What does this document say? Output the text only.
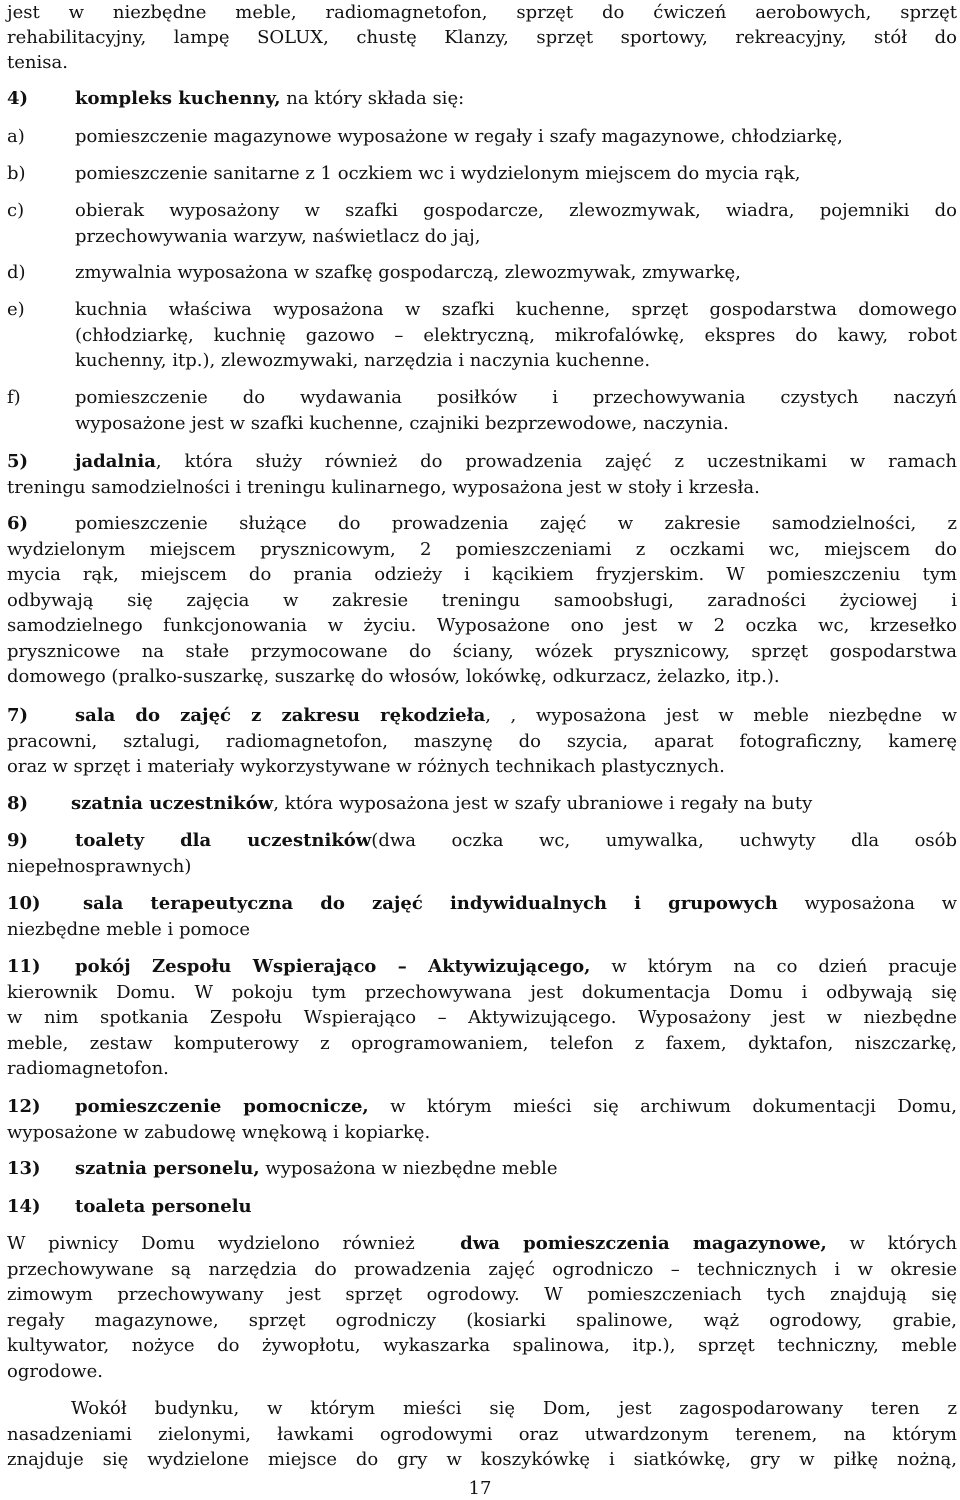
jest w niezbędne meble, radiomagnetofon, sprzęt do ćwiczeń aerobowych, sprzęt

rehabilitacyjny, lampę SOLUX, chustę Klanzy, sprzęt sportowy, rekreacyjny, stół do

tenisa.

4)	kompleks kuchenny, na który składa się:
a)	pomieszczenie magazynowe wyposażone w regały i szafy magazynowe, chłodziarkę,

b)	pomieszczenie sanitarne z 1 oczkiem wc i wydzielonym miejscem do mycia rąk,

c)	obierak wyposażony w szafki gospodarcze, zlewozmywak, wiadra, pojemniki do

przechowywania warzyw, naświetlacz do jaj,

d)	zmywalnia wyposażona w szafkę gospodarczą, zlewozmywak, zmywarkę,

e)	kuchnia właściwa wyposażona w szafki kuchenne, sprzęt gospodarstwa domowego

(chłodziarkę, kuchnię gazowo – elektryczną, mikrofalówkę, ekspres do kawy, robot

kuchenny, itp.), zlewozmywaki, narzędzia i naczynia kuchenne.

f)	pomieszczenie do wydawania posiłków i przechowywania czystych naczyń

wyposażone jest w szafki kuchenne, czajniki bezprzewodowe, naczynia.

5)	jadalnia, która służy również do prowadzenia zajęć z uczestnikami w ramach

treningu samodzielności i treningu kulinarnego, wyposażona jest w stoły i krzesła.

6)	pomieszczenie służące do prowadzenia zajęć w zakresie samodzielności, z

wydzielonym miejscem prysznicowym, 2 pomieszczeniami z oczkami wc, miejscem do

mycia rąk, miejscem do prania odzieży i kącikiem fryzjerskim. W pomieszczeniu tym

odbywają się zajęcia w zakresie treningu samoobsługi, zaradności życiowej i

samodzielnego funkcjonowania w życiu. Wyposażone ono jest w 2 oczka wc, krzesełko

prysznicowe na stałe przymocowane do ściany, wózek prysznicowy, sprzęt gospodarstwa

domowego (pralko-suszarkę, suszarkę do włosów, lokówkę, odkurzacz, żelazko, itp.).

7)	sala do zajęć z zakresu rękodzieła, , wyposażona jest w meble niezbędne w

pracowni, sztalugi, radiomagnetofon, maszynę do szycia, aparat fotograficzny, kamerę

oraz w sprzęt i materiały wykorzystywane w różnych technikach plastycznych.

8) szatnia uczestników, która wyposażona jest w szafy ubraniowe i regały na buty

9)	toalety dla uczestników(dwa oczka wc, umywalka, uchwyty dla osób

niepełnosprawnych)

10) sala terapeutyczna do zajęć indywidualnych i grupowych wyposażona w

niezbędne meble i pomoce

11) pokój Zespołu Wspierająco – Aktywizującego, w którym na co dzień pracuje

kierownik Domu. W pokoju tym przechowywana jest dokumentacja Domu i odbywają się

w nim spotkania Zespołu Wspierająco – Aktywizującego. Wyposażony jest w niezbędne

meble, zestaw komputerowy z oprogramowaniem, telefon z faxem, dyktafon, niszczarkę,

radiomagnetofon.

12) pomieszczenie pomocnicze, w którym mieści się archiwum dokumentacji Domu,

wyposażone w zabudowę wnękową i kopiarkę.

13) szatnia personelu, wyposażona w niezbędne meble

14) toaleta personelu

W piwnicy Domu wydzielono również  dwa pomieszczenia magazynowe, w których

przechowywane są narzędzia do prowadzenia zajęć ogrodniczo – technicznych i w okresie

zimowym przechowywany jest sprzęt ogrodowy. W pomieszczeniach tych znajdują się

regały magazynowe, sprzęt ogrodniczy (kosiarki spalinowe, wąż ogrodowy, grabie,

kultywator, nożyce do żywopłotu, wykaszarka spalinowa, itp.), sprzęt techniczny, meble

ogrodowe.

Wokół budynku, w którym mieści się Dom, jest zagospodarowany teren z

nasadzeniami zielonymi, ławkami ogrodowymi oraz utwardzonym terenem, na którym

znajduje się wydzielone miejsce do gry w koszykówkę i siatkówkę, gry w piłkę nożną,

17
